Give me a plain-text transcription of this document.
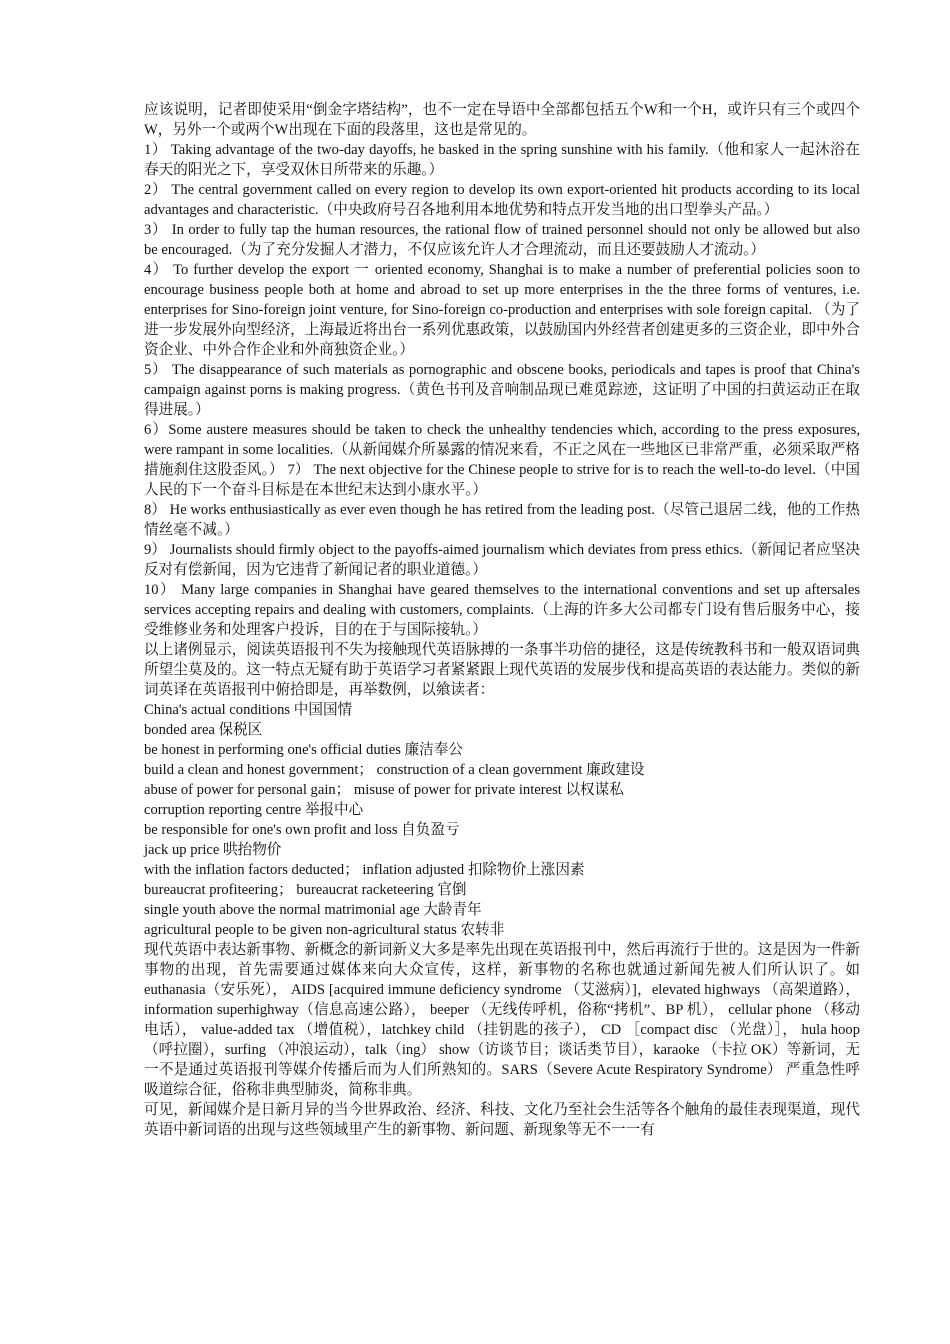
应该说明，记者即使采用“倒金字塔结构”，也不一定在导语中全部都包括五个W和一个H，或许只有三个或四个W，另外一个或两个W出现在下面的段落里，这也是常见的。

1） Taking advantage of the two-day dayoffs, he basked in the spring sunshine with his family.（他和家人一起沐浴在春天的阳光之下，享受双休日所带来的乐趣。）

2） The central government called on every region to develop its own export-oriented hit products according to its local advantages and characteristic.（中央政府号召各地利用本地优势和特点开发当地的出口型拳头产品。）

3） In order to fully tap the human resources, the rational flow of trained personnel should not only be allowed but also be encouraged.（为了充分发掘人才潜力，不仅应该允许人才合理流动，而且还要鼓励人才流动。）

4） To further develop the export 一 oriented economy, Shanghai is to make a number of preferential policies soon to encourage business people both at home and abroad to set up more enterprises in the the three forms of ventures, i.e. enterprises for Sino-foreign joint venture, for Sino-foreign co-production and enterprises with sole foreign capital. （为了进一步发展外向型经济，上海最近将出台一系列优惠政策，以鼓励国内外经营者创建更多的三资企业，即中外合资企业、中外合作企业和外商独资企业。）

5） The disappearance of such materials as pornographic and obscene books, periodicals and tapes is proof that China's campaign against porns is making progress.（黄色书刊及音响制品现已难觅踪迹，这证明了中国的扫黄运动正在取得进展。）

6）Some austere measures should be taken to check the unhealthy tendencies which, according to the press exposures, were rampant in some localities.（从新闻媒介所暴露的情况来看，不正之风在一些地区已非常严重，必须采取严格措施刹住这股歪风。） 7） The next objective for the Chinese people to strive for is to reach the well-to-do level.（中国人民的下一个奋斗目标是在本世纪末达到小康水平。）

8） He works enthusiastically as ever even though he has retired from the leading post.（尽管己退居二线，他的工作热情丝毫不减。）

9） Journalists should firmly object to the payoffs-aimed journalism which deviates from press ethics.（新闻记者应坚决反对有偿新闻，因为它违背了新闻记者的职业道德。）

10） Many large companies in Shanghai have geared themselves to the international conventions and set up aftersales services accepting repairs and dealing with customers, complaints.（上海的许多大公司都专门设有售后服务中心，接受维修业务和处理客户投诉，目的在于与国际接轨。）

以上诸例显示，阅读英语报刊不失为接触现代英语脉搏的一条事半功倍的捷径，这是传统教科书和一般双语词典所望尘莫及的。这一特点无疑有助于英语学习者紧紧跟上现代英语的发展步伐和提高英语的表达能力。类似的新词英译在英语报刊中俯拾即是，再举数例，以飨读者：

China's actual conditions 中国国情

bonded area 保税区

be honest in performing one's official duties 廉洁奉公

build a clean and honest government； construction of a clean government 廉政建设

abuse of power for personal gain； misuse of power for private interest 以权谋私

corruption reporting centre 举报中心

be responsible for one's own profit and loss 自负盈亏

jack up price 哄抬物价

with the inflation factors deducted； inflation adjusted 扣除物价上涨因素

bureaucrat profiteering； bureaucrat racketeering 官倒

single youth above the normal matrimonial age 大龄青年

agricultural people to be given non-agricultural status 农转非

现代英语中表达新事物、新概念的新词新义大多是率先出现在英语报刊中，然后再流行于世的。这是因为一件新事物的出现，首先需要通过媒体来向大众宣传，这样，新事物的名称也就通过新闻先被人们所认识了。如 euthanasia（安乐死）， AIDS [acquired immune deficiency syndrome （艾滋病）]，elevated highways （高架道路）， information superhighway（信息高速公路）， beeper （无线传呼机，俗称“拷机”、BP 机）， cellular phone （移动电话）， value-added tax （增值税），latchkey child （挂钥匙的孩子）， CD ［compact disc （光盘）］， hula hoop（呼拉圈），surfing （冲浪运动），talk（ing） show（访谈节目；谈话类节目），karaoke （卡拉 OK）等新词，无一不是通过英语报刊等媒介传播后而为人们所熟知的。SARS（Severe Acute Respiratory Syndrome） 严重急性呼吸道综合征，俗称非典型肺炎，简称非典。

可见，新闻媒介是日新月异的当今世界政治、经济、科技、文化乃至社会生活等各个触角的最佳表现渠道，现代英语中新词语的出现与这些领域里产生的新事物、新问题、新现象等无不一一有
